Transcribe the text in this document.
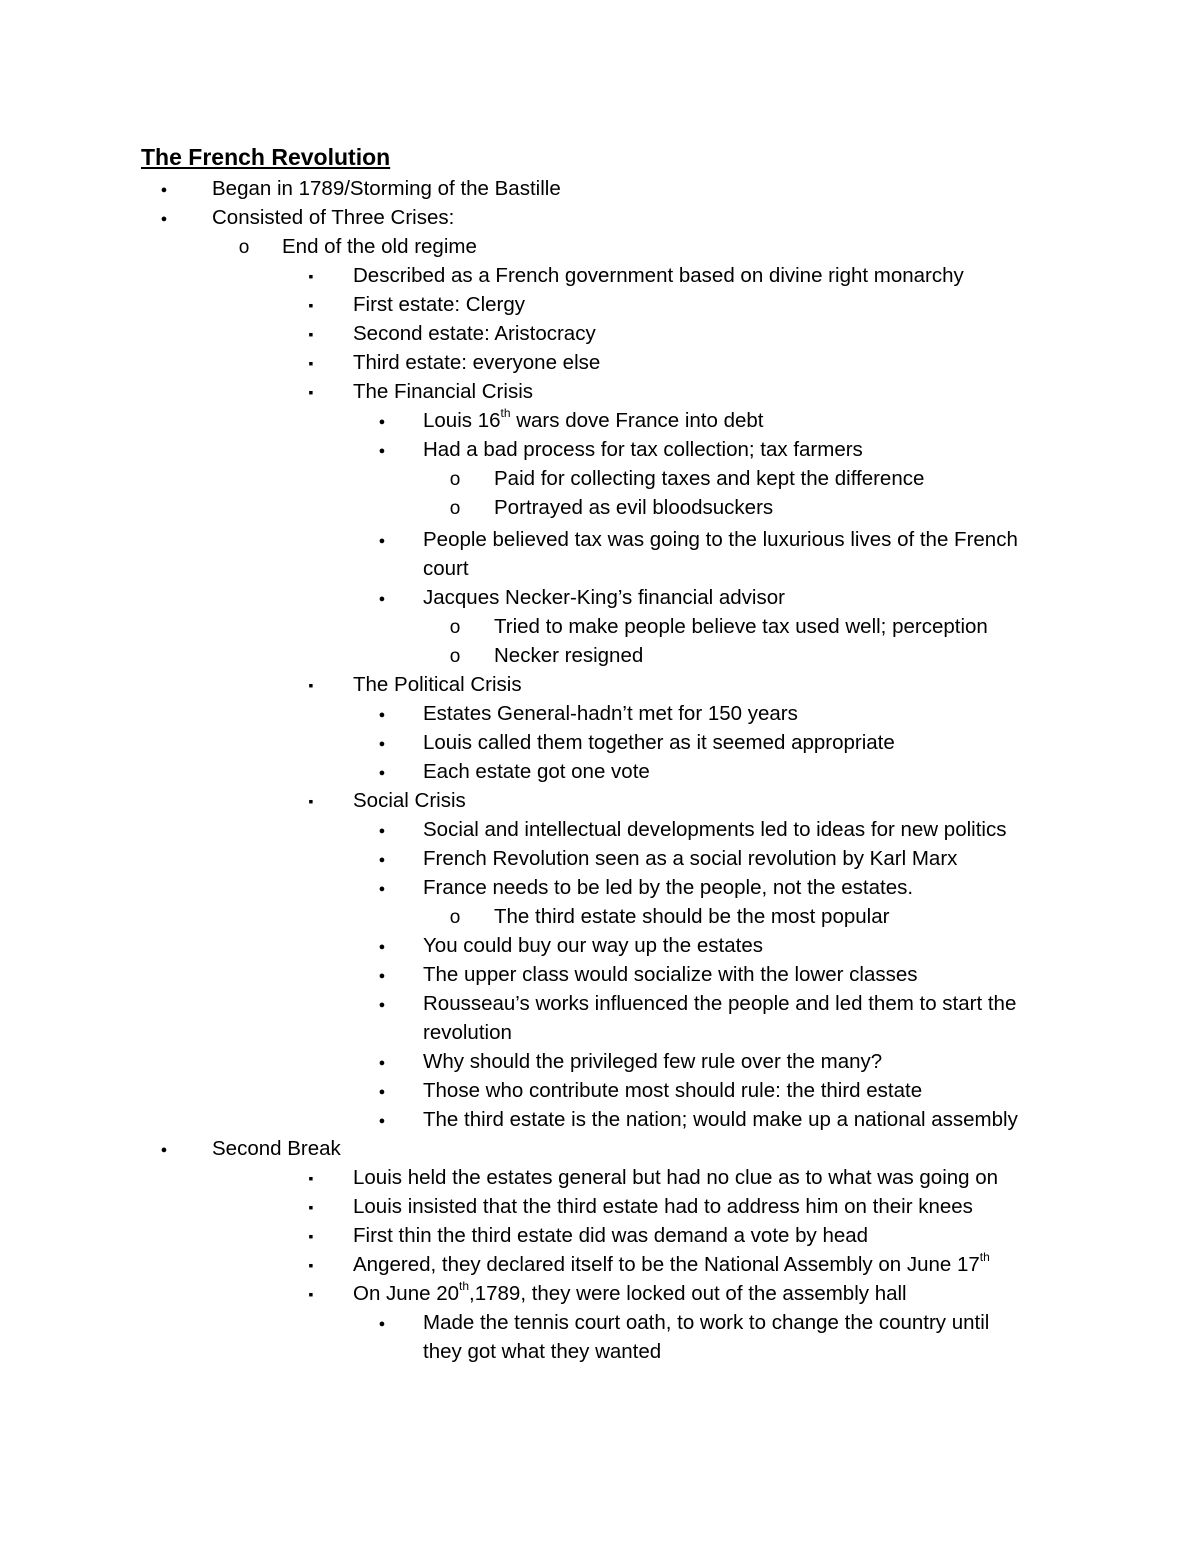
The French Revolution
●
Began in 1789/Storming of the Bastille
●
Consisted of Three Crises:
o
End of the old regime
▪
Described as a French government based on divine right monarchy
▪
First estate: Clergy
▪
Second estate: Aristocracy
▪
Third estate: everyone else
▪
The Financial Crisis
●
Louis 16th wars dove France into debt
●
Had a bad process for tax collection; tax farmers
o
Paid for collecting taxes and kept the difference
o
Portrayed as evil bloodsuckers
●
People believed tax was going to the luxurious lives of the French
court
●
Jacques Necker-King’s financial advisor
o
Tried to make people believe tax used well; perception
o
Necker resigned
▪
The Political Crisis
●
Estates General-hadn’t met for 150 years
●
Louis called them together as it seemed appropriate
●
Each estate got one vote
▪
Social Crisis
●
Social and intellectual developments led to ideas for new politics
●
French Revolution seen as a social revolution by Karl Marx
●
France needs to be led by the people, not the estates.
o
The third estate should be the most popular
●
You could buy our way up the estates
●
The upper class would socialize with the lower classes
●
Rousseau’s works influenced the people and led them to start the
revolution
●
Why should the privileged few rule over the many?
●
Those who contribute most should rule: the third estate
●
The third estate is the nation; would make up a national assembly
●
Second Break
▪
Louis held the estates general but had no clue as to what was going on
▪
Louis insisted that the third estate had to address him on their knees
▪
First thin the third estate did was demand a vote by head
▪
Angered, they declared itself to be the National Assembly on June 17th
▪
On June 20th,1789, they were locked out of the assembly hall
●
Made the tennis court oath, to work to change the country until
they got what they wanted
